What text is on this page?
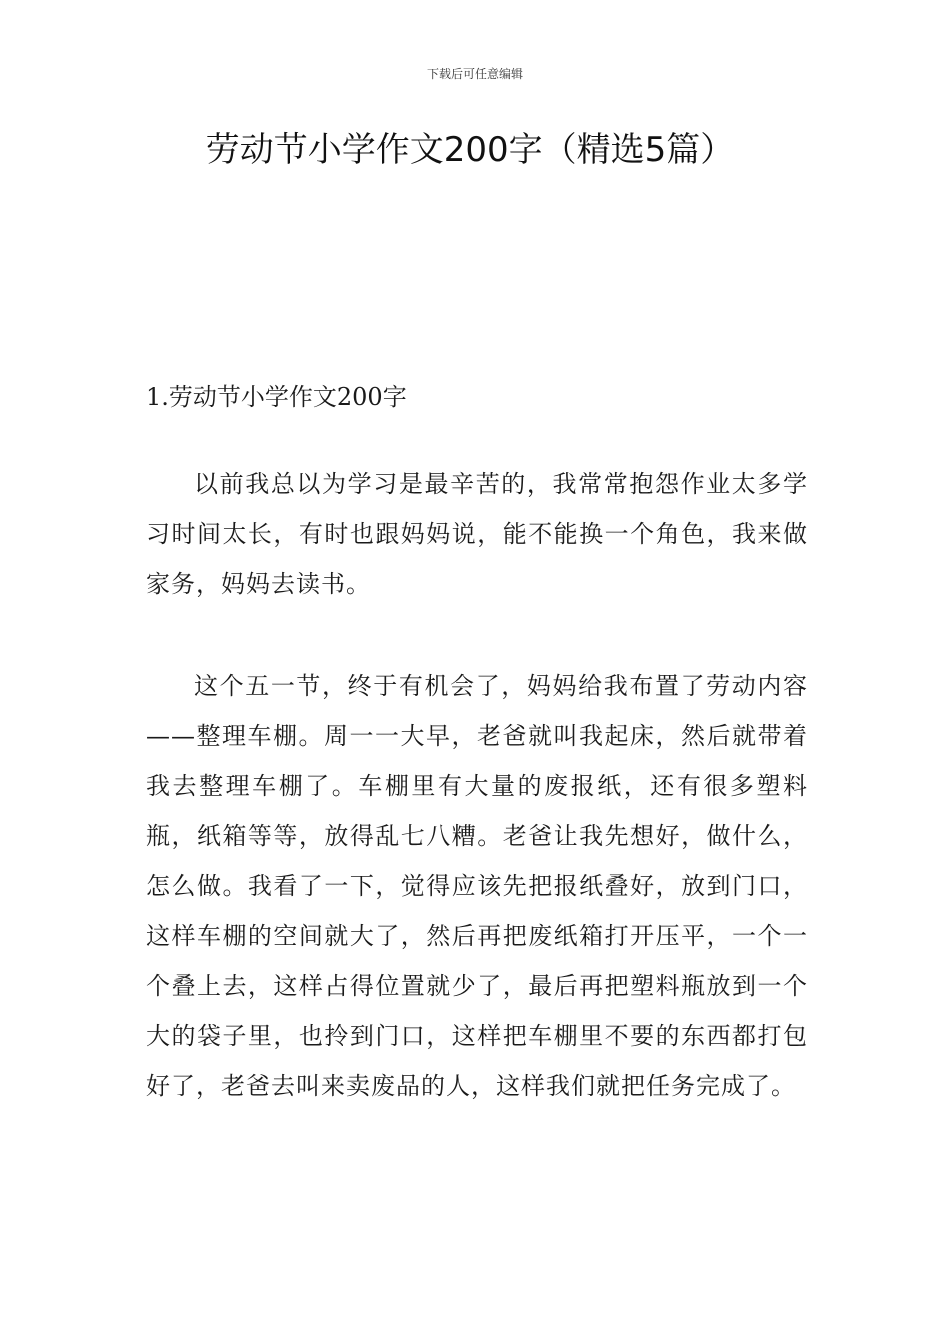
下载后可任意编辑
劳动节小学作文200字（精选5篇）
1.劳动节小学作文200字

以前我总以为学习是最辛苦的，我常常抱怨作业太多学习时间太长，有时也跟妈妈说，能不能换一个角色，我来做家务，妈妈去读书。

这个五一节，终于有机会了，妈妈给我布置了劳动内容——整理车棚。周一一大早，老爸就叫我起床，然后就带着我去整理车棚了。车棚里有大量的废报纸，还有很多塑料瓶，纸箱等等，放得乱七八糟。老爸让我先想好，做什么，怎么做。我看了一下，觉得应该先把报纸叠好，放到门口，这样车棚的空间就大了，然后再把废纸箱打开压平，一个一个叠上去，这样占得位置就少了，最后再把塑料瓶放到一个大的袋子里，也拎到门口，这样把车棚里不要的东西都打包好了，老爸去叫来卖废品的人，这样我们就把任务完成了。
